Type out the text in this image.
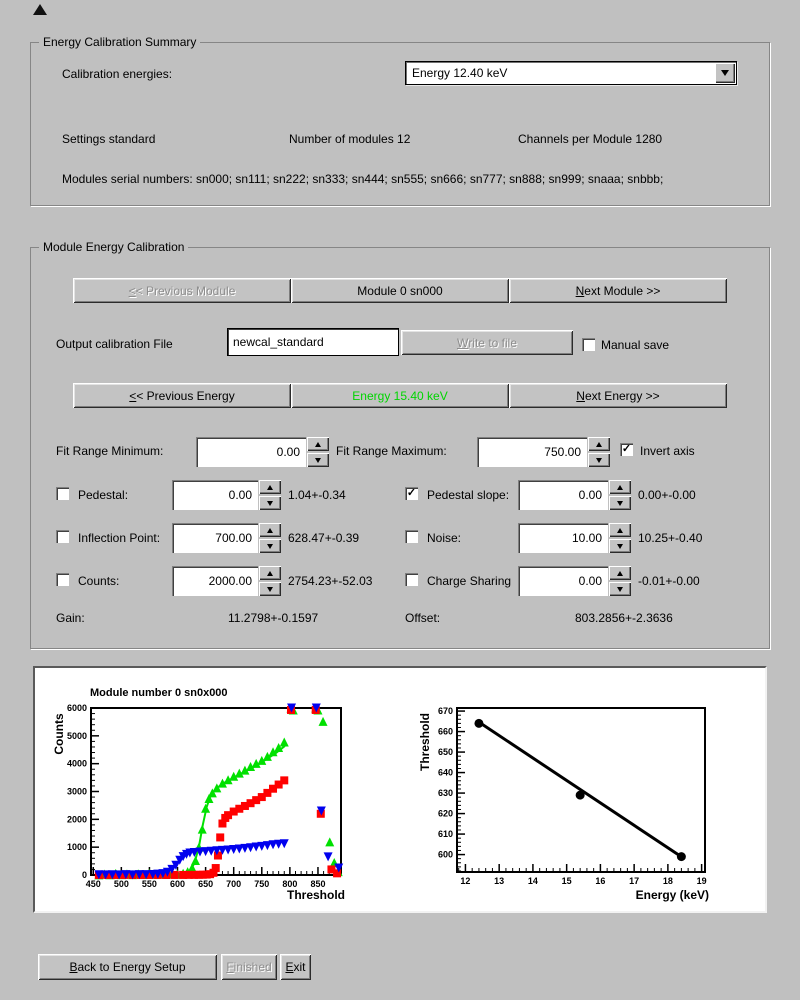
Energy Calibration Summary
Calibration energies:	Energy 12.40 keV
Settings standard	Number of modules 12	Channels per Module 1280
Modules serial numbers: sn000; sn111; sn222; sn333; sn444; sn555; sn666; sn777; sn888; sn999; snaaa; snbbb;
Module Energy Calibration
< < Previous Module	Module 0 sn000	N ext Module >>
Output calibration File
newcal_standard	W rite to file	Manual save
< < Previous Energy	Energy 15.40 keV	N ext Energy >>
Fit Range Minimum:	0.00	Fit Range Maximum:	750.00	✓ Invert axis
Pedestal:	0.00	1.04+-0.34	✓ Pedestal slope:	0.00	0.00+-0.00
Inflection Point:	700.00	628.47+-0.39	Noise:	10.00	10.25+-0.40
Counts:	2000.00	2754.23+-52.03	Charge Sharing	0.00	-0.01+-0.00
Gain:	11.2798+-0.1597	Offset:	803.2856+-2.3636
450 500 550 600 650 700 750 800 850
0
1000
2000
3000
4000
5000
6000
Module number 0 sn0x000
Threshold
Counts
12	13	14	15	16	17	18	19
600
610
620
630
640
650
660
670
Energy (keV)
Threshold
B ack to Energy Setup	F inished	E xit
